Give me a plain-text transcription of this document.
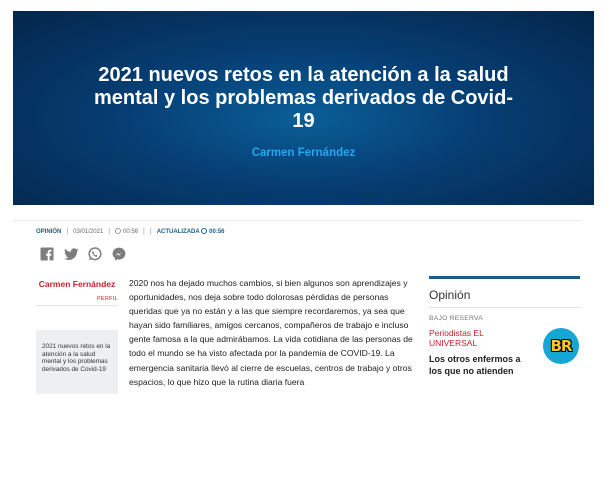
2021 nuevos retos en la atención a la salud mental y los problemas derivados de Covid-19
Carmen Fernández
OPINIÓN | 03/01/2021 |	00:56 | | ACTUALIZADA 00:56
Carmen Fernández
PERFIL
2021 nuevos retos en la atención a la salud mental y los problemas derivados de Covid-19

2020 nos ha dejado muchos cambios, si bien algunos son aprendizajes y oportunidades, nos deja sobre todo dolorosas pérdidas de personas queridas que ya no están y a las que siempre recordaremos, ya sea que hayan sido familiares, amigos cercanos, compañeros de trabajo e incluso gente famosa a la que admirábamos. La vida cotidiana de las personas de todo el mundo se ha visto afectada por la pandemia de COVID-19. La emergencia sanitaria llevó al cierre de escuelas, centros de trabajo y otros espacios, lo que hizo que la rutina diaria fuera

Opinión
BAJO RESERVA
Periodistas EL UNIVERSAL
Los otros enfermos a los que no atienden
BR
